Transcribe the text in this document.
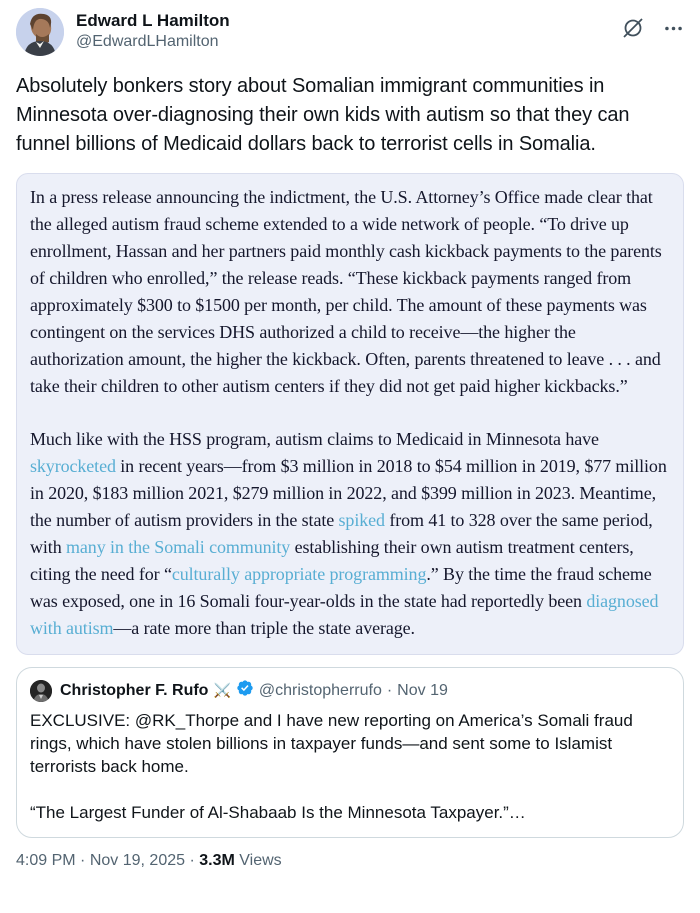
Edward L Hamilton
@EdwardLHamilton
Absolutely bonkers story about Somalian immigrant communities in Minnesota over-diagnosing their own kids with autism so that they can funnel billions of Medicaid dollars back to terrorist cells in Somalia.

In a press release announcing the indictment, the U.S. Attorney’s Office made clear that the alleged autism fraud scheme extended to a wide network of people. “To drive up enrollment, Hassan and her partners paid monthly cash kickback payments to the parents of children who enrolled,” the release reads. “These kickback payments ranged from approximately $300 to $1500 per month, per child. The amount of these payments was contingent on the services DHS authorized a child to receive—the higher the authorization amount, the higher the kickback. Often, parents threatened to leave . . . and take their children to other autism centers if they did not get paid higher kickbacks.”

Much like with the HSS program, autism claims to Medicaid in Minnesota have skyrocketed in recent years—from $3 million in 2018 to $54 million in 2019, $77 million in 2020, $183 million 2021, $279 million in 2022, and $399 million in 2023. Meantime, the number of autism providers in the state spiked from 41 to 328 over the same period, with many in the Somali community establishing their own autism treatment centers, citing the need for “culturally appropriate programming.” By the time the fraud scheme was exposed, one in 16 Somali four-year-olds in the state had reportedly been diagnosed with autism—a rate more than triple the state average.

Christopher F. Rufo ⚔️ @christopherrufo · Nov 19

EXCLUSIVE: @RK_Thorpe and I have new reporting on America’s Somali fraud rings, which have stolen billions in taxpayer funds—and sent some to Islamist terrorists back home.

“The Largest Funder of Al-Shabaab Is the Minnesota Taxpayer.”…

4:09 PM · Nov 19, 2025 · 3.3M Views
